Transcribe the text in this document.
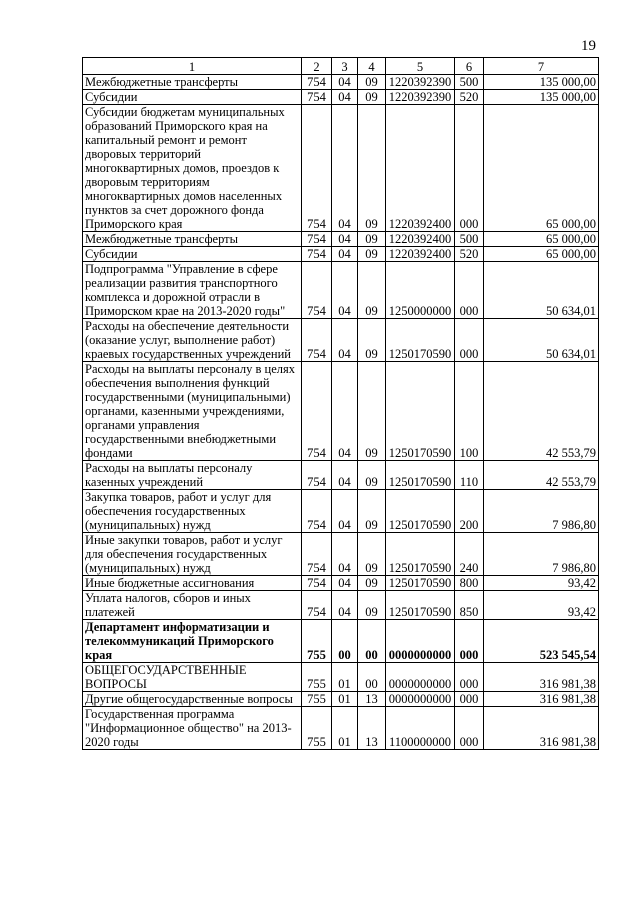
19
1	2	3	4	5	6	7
Межбюджетные трансферты	754	04	09	1220392390	500	135 000,00
Субсидии	754	04	09	1220392390	520	135 000,00
Субсидии бюджетам муниципальных образований Приморского края на капитальный ремонт и ремонт дворовых территорий многоквартирных домов, проездов к дворовым территориям многоквартирных домов населенных пунктов за счет дорожного фонда Приморского края	754	04	09	1220392400	000	65 000,00
Межбюджетные трансферты	754	04	09	1220392400	500	65 000,00
Субсидии	754	04	09	1220392400	520	65 000,00
Подпрограмма "Управление в сфере реализации развития транспортного комплекса и дорожной отрасли в Приморском крае на 2013-2020 годы"	754	04	09	1250000000	000	50 634,01
Расходы на обеспечение деятельности (оказание услуг, выполнение работ) краевых государственных учреждений	754	04	09	1250170590	000	50 634,01
Расходы на выплаты персоналу в целях обеспечения выполнения функций государственными (муниципальными) органами, казенными учреждениями, органами управления государственными внебюджетными фондами	754	04	09	1250170590	100	42 553,79
Расходы на выплаты персоналу казенных учреждений	754	04	09	1250170590	110	42 553,79
Закупка товаров, работ и услуг для обеспечения государственных (муниципальных) нужд	754	04	09	1250170590	200	7 986,80
Иные закупки товаров, работ и услуг для обеспечения государственных (муниципальных) нужд	754	04	09	1250170590	240	7 986,80
Иные бюджетные ассигнования	754	04	09	1250170590	800	93,42
Уплата налогов, сборов и иных платежей	754	04	09	1250170590	850	93,42
Департамент информатизации и телекоммуникаций Приморского края	755	00	00	0000000000	000	523 545,54
ОБЩЕГОСУДАРСТВЕННЫЕ ВОПРОСЫ	755	01	00	0000000000	000	316 981,38
Другие общегосударственные вопросы	755	01	13	0000000000	000	316 981,38
Государственная программа "Информационное общество" на 2013-2020 годы	755	01	13	1100000000	000	316 981,38
